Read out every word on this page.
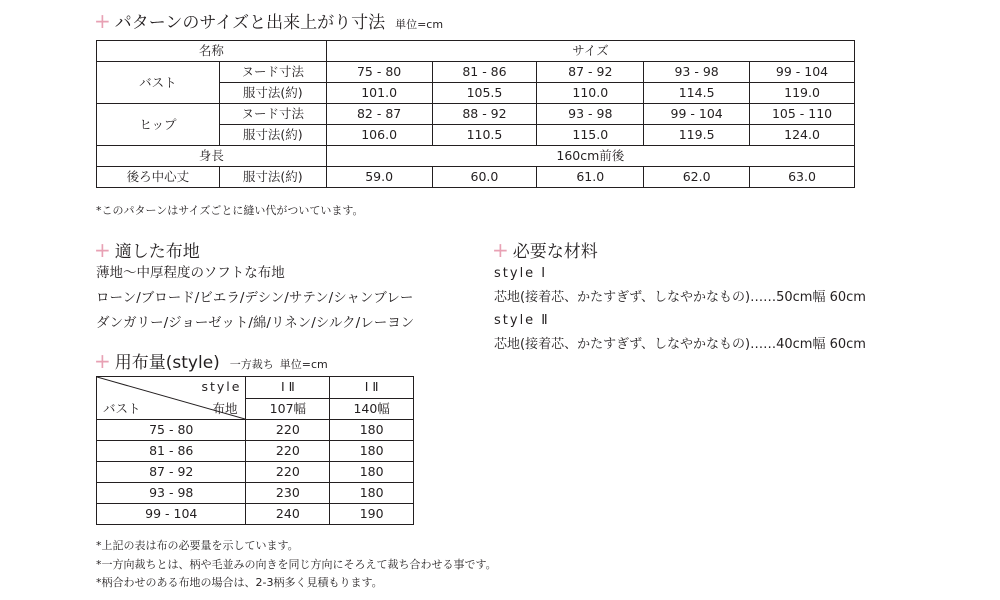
+ パターンのサイズと出来上がり寸法 単位=cm
名称		サイズ				
バスト	ヌード寸法	75 - 80	81 - 86	87 - 92	93 - 98	99 - 104
	服寸法(約)	101.0	105.5	110.0	114.5	119.0
ヒップ	ヌード寸法	82 - 87	88 - 92	93 - 98	99 - 104	105 - 110
	服寸法(約)	106.0	110.5	115.0	119.5	124.0
身長		160cm前後				
後ろ中心丈	服寸法(約)	59.0	60.0	61.0	62.0	63.0
*このパターンはサイズごとに縫い代がついています。
+ 適した布地
薄地〜中厚程度のソフトな布地
ローン/ブロード/ビエラ/デシン/サテン/シャンブレー
ダンガリー/ジョーゼット/綿/リネン/シルク/レーヨン
+ 必要な材料
style Ⅰ
芯地(接着芯、かたすぎず、しなやかなもの)……50cm幅 60cm
style Ⅱ
芯地(接着芯、かたすぎず、しなやかなもの)……40cm幅 60cm
+ 用布量(style) 一方裁ち 単位=cm
style
バスト 布地	Ⅰ Ⅱ	Ⅰ Ⅱ
	107幅	140幅
75 - 80	220	180
81 - 86	220	180
87 - 92	220	180
93 - 98	230	180
99 - 104	240	190
*上記の表は布の必要量を示しています。
*一方向裁ちとは、柄や毛並みの向きを同じ方向にそろえて裁ち合わせる事です。
*柄合わせのある布地の場合は、2-3柄多く見積もります。
